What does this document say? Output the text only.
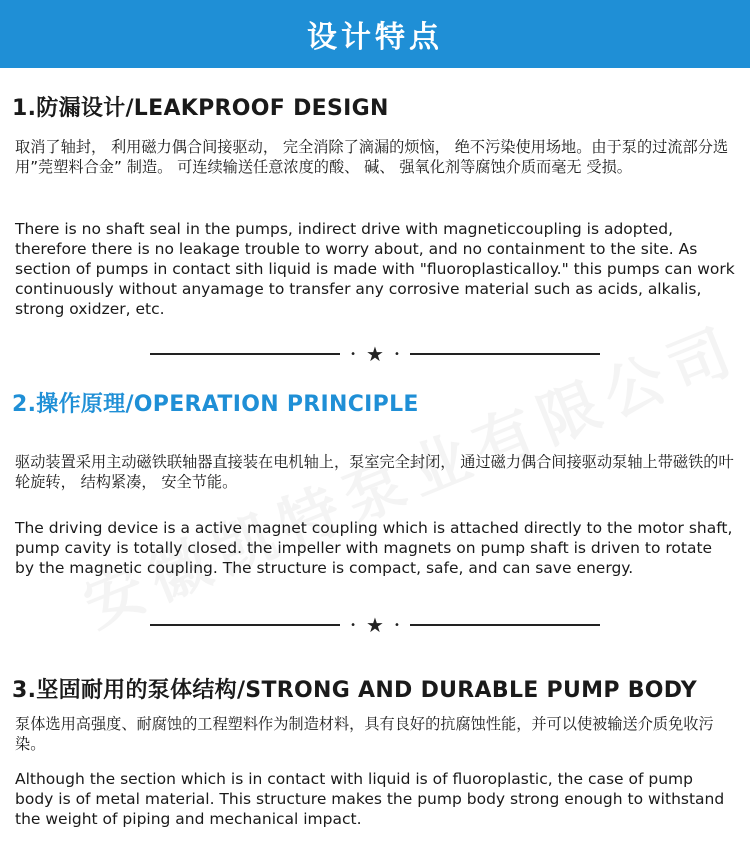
设计特点
1.防漏设计/LEAKPROOF DESIGN

取消了轴封， 利用磁力偶合间接驱动， 完全消除了滴漏的烦恼， 绝不污染使用场地。由于泵的过流部分选用”莞塑料合金” 制造。 可连续输送任意浓度的酸、 碱、 强氧化剂等腐蚀介质而毫无 受损。

There is no shaft seal in the pumps, indirect drive with magneticcoupling is adopted, therefore there is no leakage trouble to worry about, and no containment to the site. As section of pumps in contact sith liquid is made with "fluoroplasticalloy." this pumps can work continuously without anyamage to transfer any corrosive material such as acids, alkalis, strong oxidzer, etc.

• ★ •
2.操作原理/OPERATION PRINCIPLE

驱动装置采用主动磁铁联轴器直接装在电机轴上，泵室完全封闭， 通过磁力偶合间接驱动泵轴上带磁铁的叶轮旋转， 结构紧凑， 安全节能。

The driving device is a active magnet coupling which is attached directly to the motor shaft, pump cavity is totally closed. the impeller with magnets on pump shaft is driven to rotate by the magnetic coupling. The structure is compact, safe, and can save energy.

• ★ •
3.坚固耐用的泵体结构/STRONG AND DURABLE PUMP BODY

泵体选用高强度、耐腐蚀的工程塑料作为制造材料，具有良好的抗腐蚀性能，并可以使被输送介质免收污染。

Although the section which is in contact with liquid is of fluoroplastic, the case of pump body is of metal material. This structure makes the pump body strong enough to withstand the weight of piping and mechanical impact.
